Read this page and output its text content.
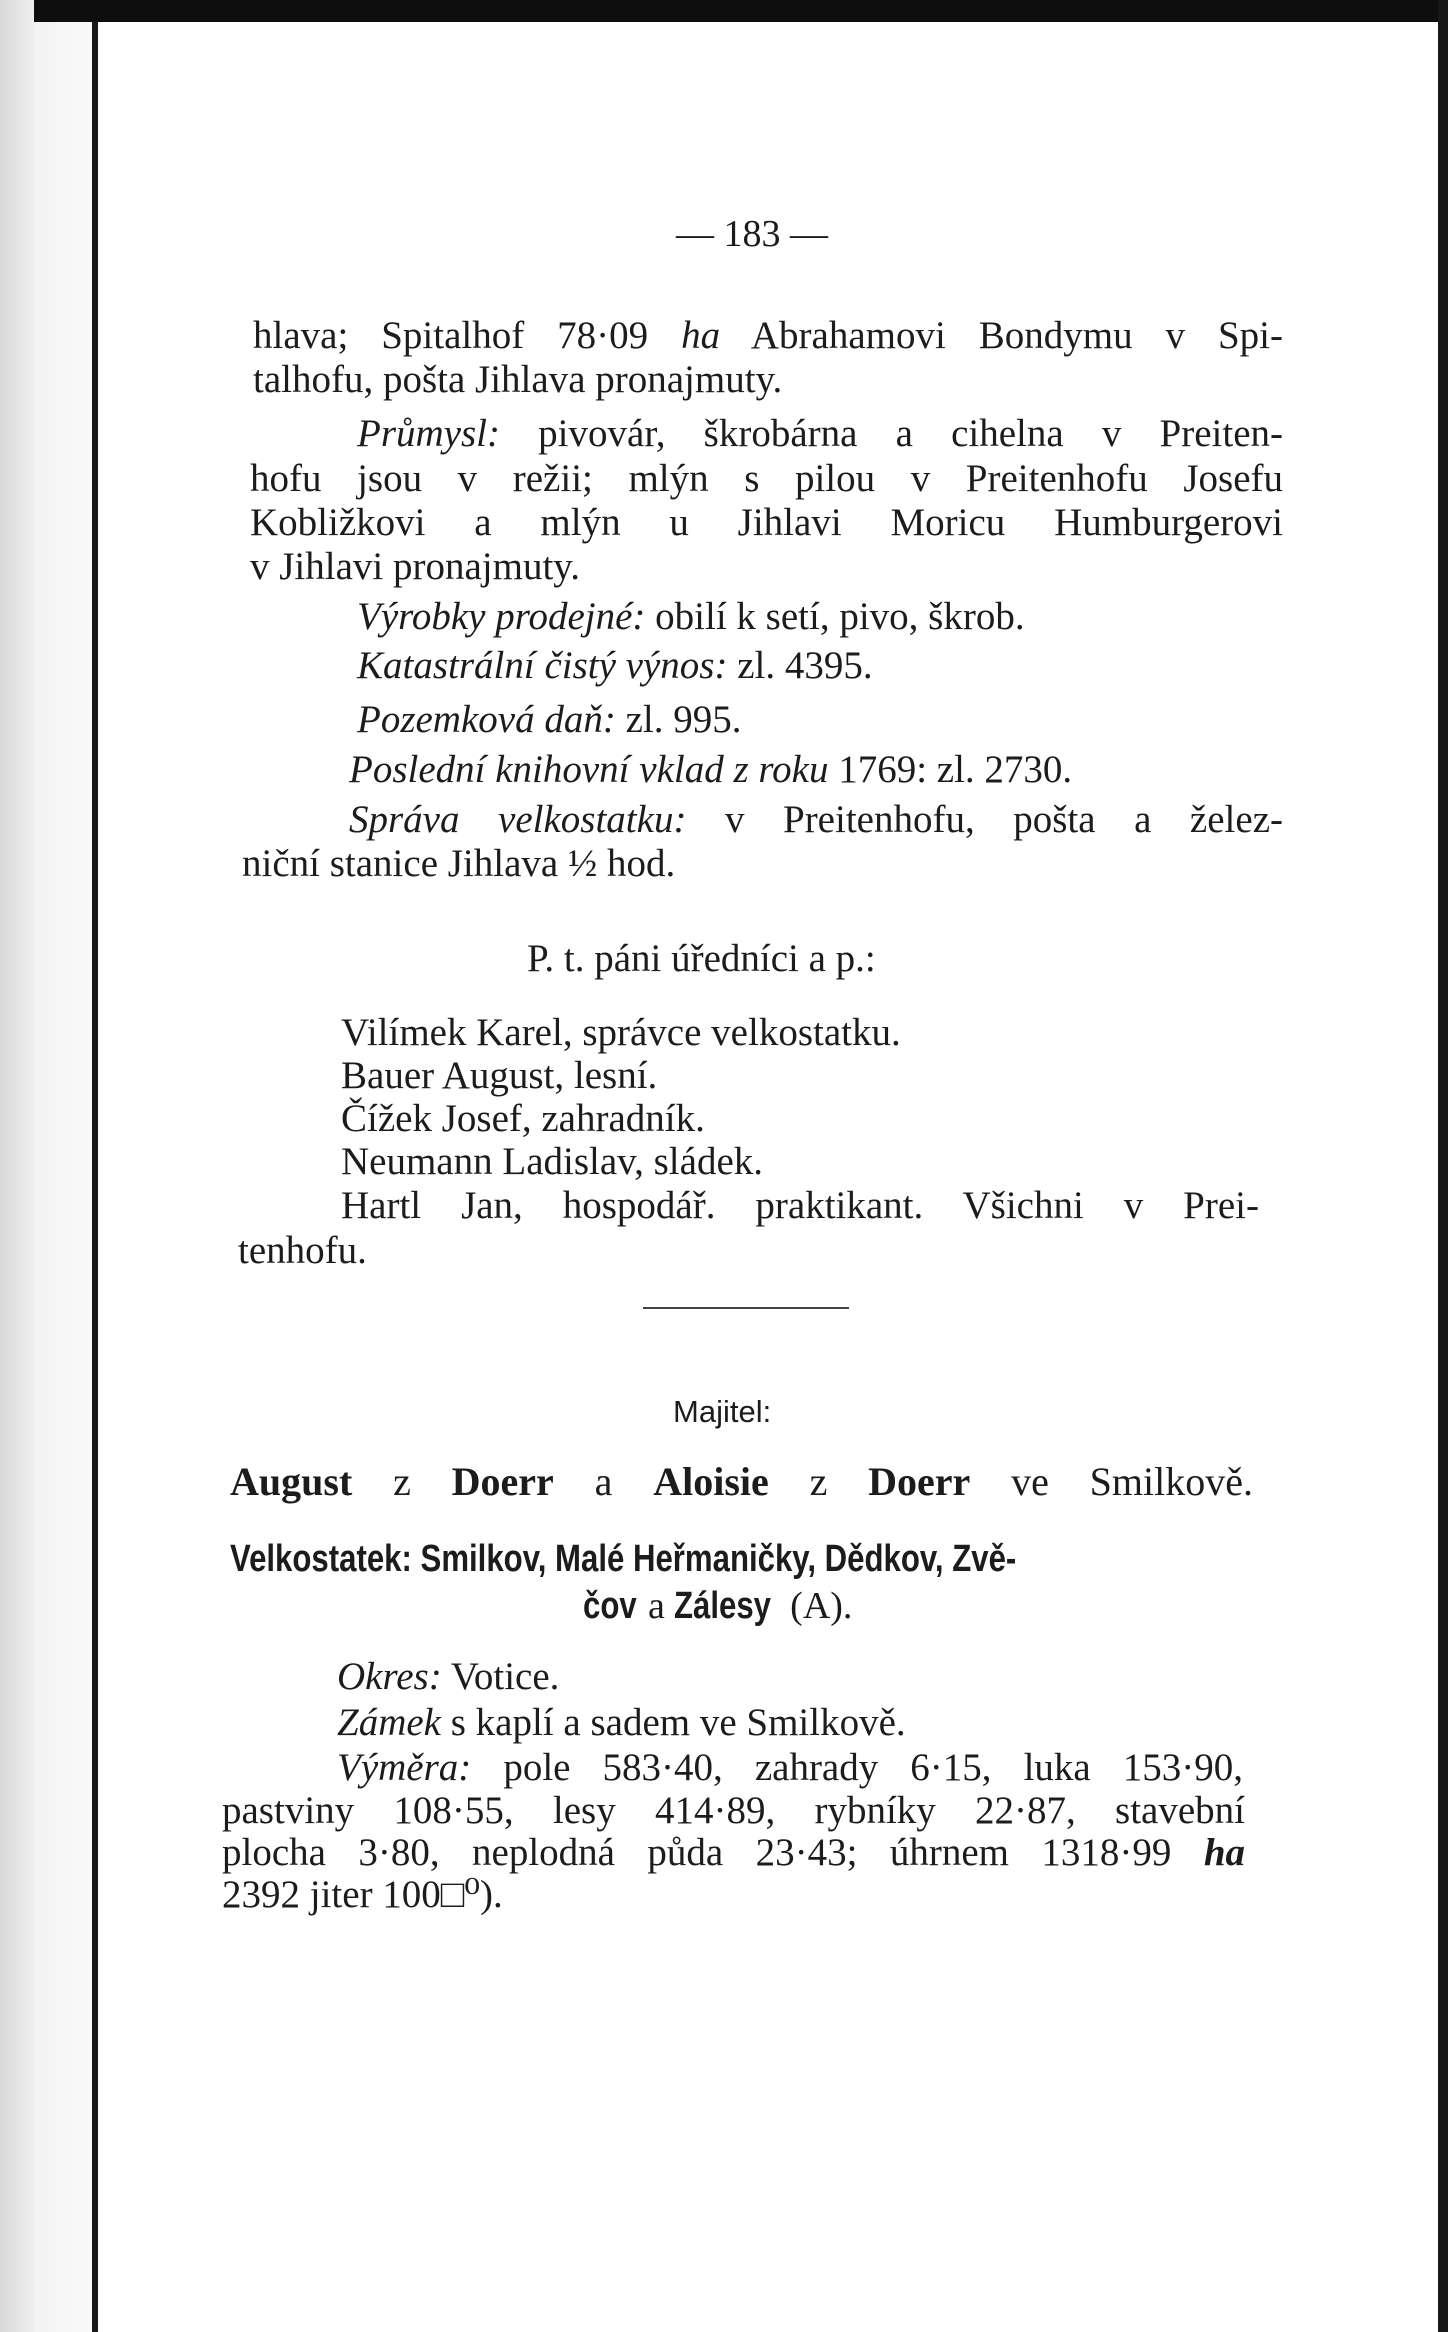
— 183 —
hlava; Spitalhof 78·09 ha Abrahamovi Bondymu v Spi-
talhofu, pošta Jihlava pronajmuty.
Průmysl: pivovár, škrobárna a cihelna v Preiten-
hofu jsou v režii; mlýn s pilou v Preitenhofu Josefu
Kobližkovi a mlýn u Jihlavi Moricu Humburgerovi
v Jihlavi pronajmuty.
Výrobky prodejné: obilí k setí, pivo, škrob.
Katastrální čistý výnos: zl. 4395.
Pozemková daň: zl. 995.
Poslední knihovní vklad z roku 1769: zl. 2730.
Správa velkostatku: v Preitenhofu, pošta a želez-
niční stanice Jihlava ½ hod.
P. t. páni úředníci a p.:
Vilímek Karel, správce velkostatku.
Bauer August, lesní.
Čížek Josef, zahradník.
Neumann Ladislav, sládek.
Hartl Jan, hospodář. praktikant. Všichni v Prei-
tenhofu.
Majitel:
August z Doerr a Aloisie z Doerr ve Smilkově.
Velkostatek: Smilkov, Malé Heřmaničky, Dědkov, Zvě-
čov a Zálesy (A).
Okres: Votice.
Zámek s kaplí a sadem ve Smilkově.
Výměra: pole 583·40, zahrady 6·15, luka 153·90,
pastviny 108·55, lesy 414·89, rybníky 22·87, stavební
plocha 3·80, neplodná půda 23·43; úhrnem 1318·99 ha
2392 jiter 100□⁰).
